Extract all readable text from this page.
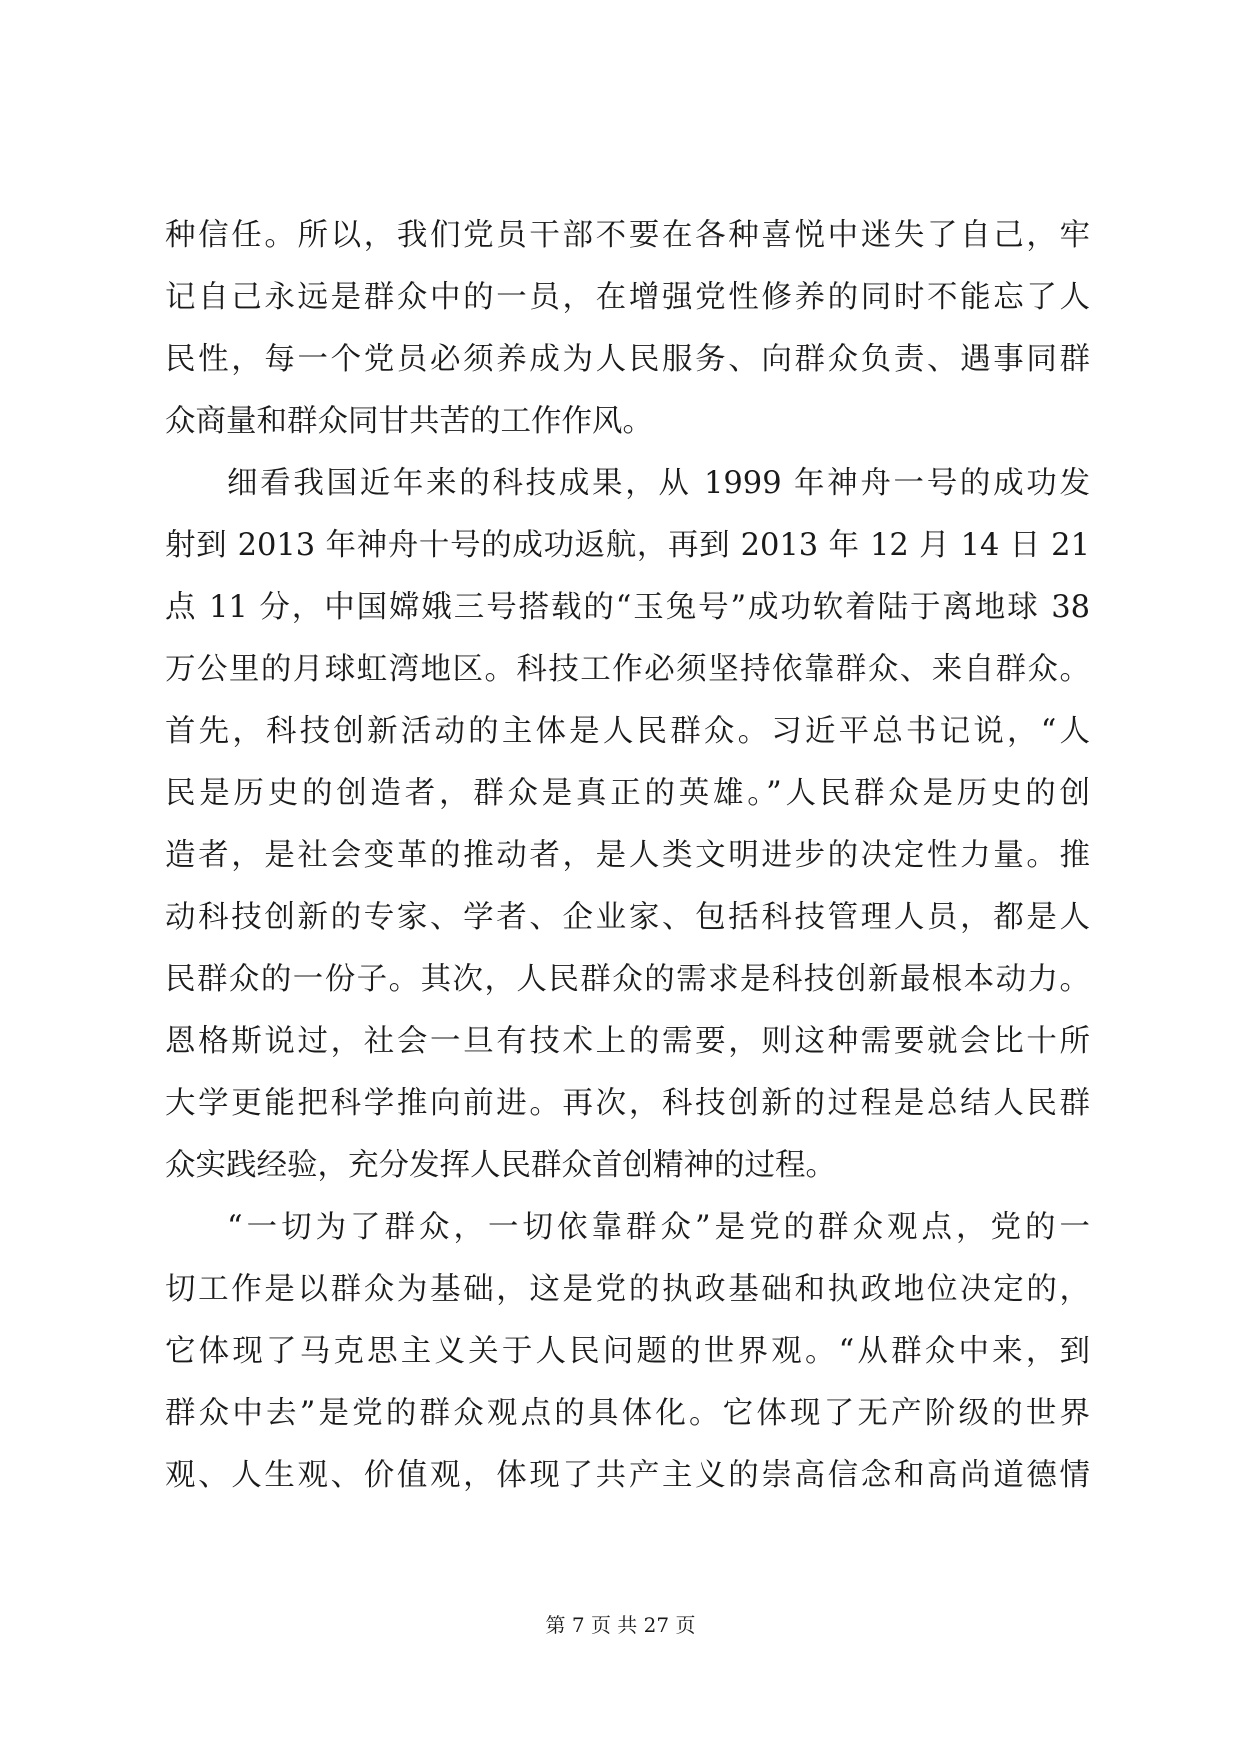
种信任。所以，我们党员干部不要在各种喜悦中迷失了自己，牢
记自己永远是群众中的一员，在增强党性修养的同时不能忘了人
民性，每一个党员必须养成为人民服务、向群众负责、遇事同群
众商量和群众同甘共苦的工作作风。
细看我国近年来的科技成果，从 1999 年神舟一号的成功发
射到 2013 年神舟十号的成功返航，再到 2013 年 12 月 14 日 21
点 11 分，中国嫦娥三号搭载的“玉兔号”成功软着陆于离地球 38
万公里的月球虹湾地区。科技工作必须坚持依靠群众、来自群众。
首先，科技创新活动的主体是人民群众。习近平总书记说，“人
民是历史的创造者，群众是真正的英雄。”人民群众是历史的创
造者，是社会变革的推动者，是人类文明进步的决定性力量。推
动科技创新的专家、学者、企业家、包括科技管理人员，都是人
民群众的一份子。其次，人民群众的需求是科技创新最根本动力。
恩格斯说过，社会一旦有技术上的需要，则这种需要就会比十所
大学更能把科学推向前进。再次，科技创新的过程是总结人民群
众实践经验，充分发挥人民群众首创精神的过程。
“一切为了群众，一切依靠群众”是党的群众观点，党的一
切工作是以群众为基础，这是党的执政基础和执政地位决定的，
它体现了马克思主义关于人民问题的世界观。“从群众中来，到
群众中去”是党的群众观点的具体化。它体现了无产阶级的世界
观、人生观、价值观，体现了共产主义的崇高信念和高尚道德情
第 7 页 共 27 页
